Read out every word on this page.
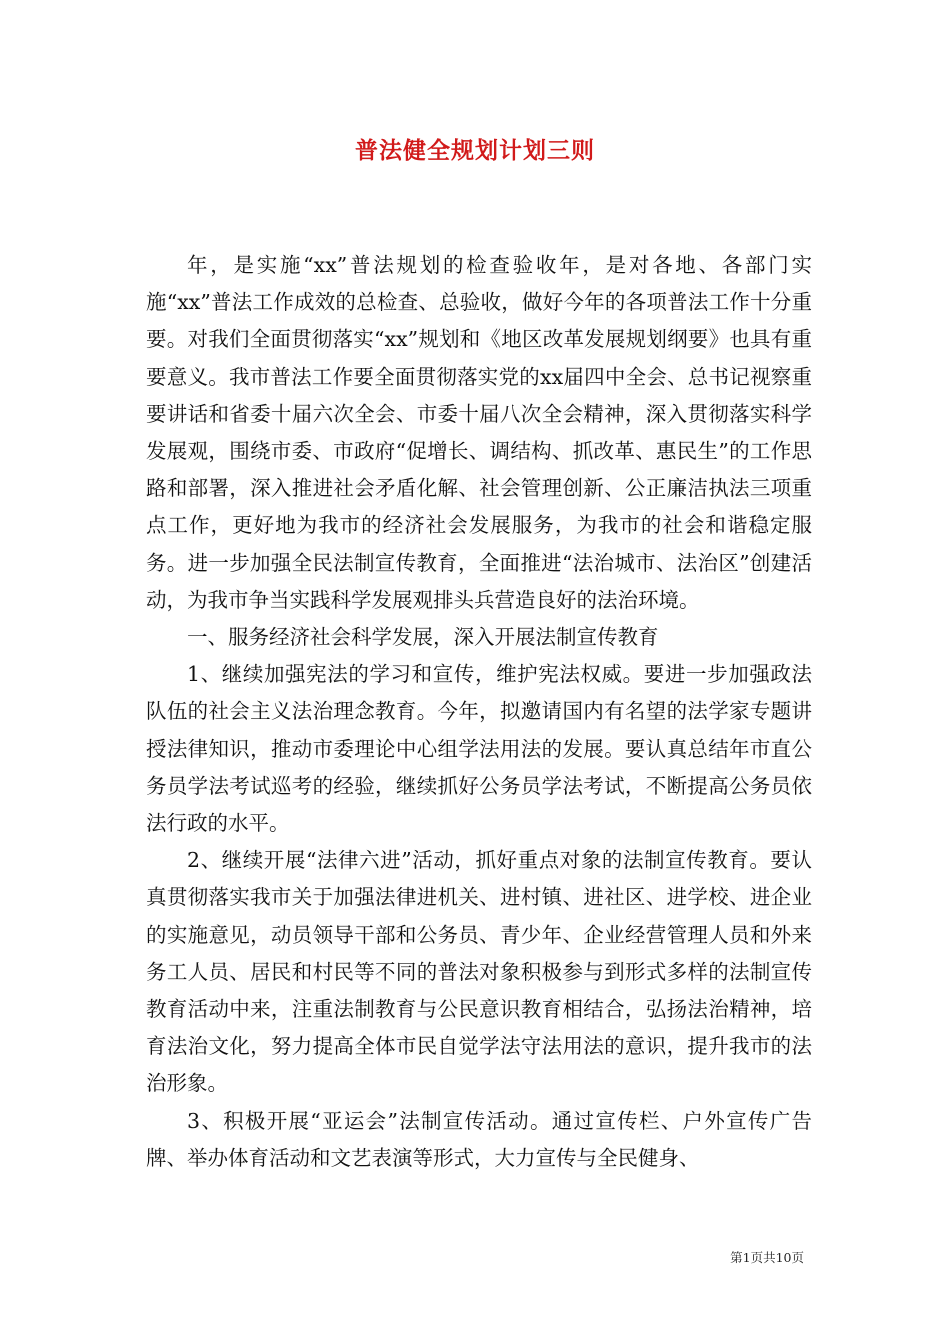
普法健全规划计划三则

年，是实施“xx”普法规划的检查验收年，是对各地、各部门实施“xx”普法工作成效的总检查、总验收，做好今年的各项普法工作十分重要。对我们全面贯彻落实“xx”规划和《地区改革发展规划纲要》也具有重要意义。我市普法工作要全面贯彻落实党的xx届四中全会、总书记视察重要讲话和省委十届六次全会、市委十届八次全会精神，深入贯彻落实科学发展观，围绕市委、市政府“促增长、调结构、抓改革、惠民生”的工作思路和部署，深入推进社会矛盾化解、社会管理创新、公正廉洁执法三项重点工作，更好地为我市的经济社会发展服务，为我市的社会和谐稳定服务。进一步加强全民法制宣传教育，全面推进“法治城市、法治区”创建活动，为我市争当实践科学发展观排头兵营造良好的法治环境。

一、服务经济社会科学发展，深入开展法制宣传教育

1、继续加强宪法的学习和宣传，维护宪法权威。要进一步加强政法队伍的社会主义法治理念教育。今年，拟邀请国内有名望的法学家专题讲授法律知识，推动市委理论中心组学法用法的发展。要认真总结年市直公务员学法考试巡考的经验，继续抓好公务员学法考试，不断提高公务员依法行政的水平。

2、继续开展“法律六进”活动，抓好重点对象的法制宣传教育。要认真贯彻落实我市关于加强法律进机关、进村镇、进社区、进学校、进企业的实施意见，动员领导干部和公务员、青少年、企业经营管理人员和外来务工人员、居民和村民等不同的普法对象积极参与到形式多样的法制宣传教育活动中来，注重法制教育与公民意识教育相结合，弘扬法治精神，培育法治文化，努力提高全体市民自觉学法守法用法的意识，提升我市的法治形象。

3、积极开展“亚运会”法制宣传活动。通过宣传栏、户外宣传广告牌、举办体育活动和文艺表演等形式，大力宣传与全民健身、

第1页共10页
